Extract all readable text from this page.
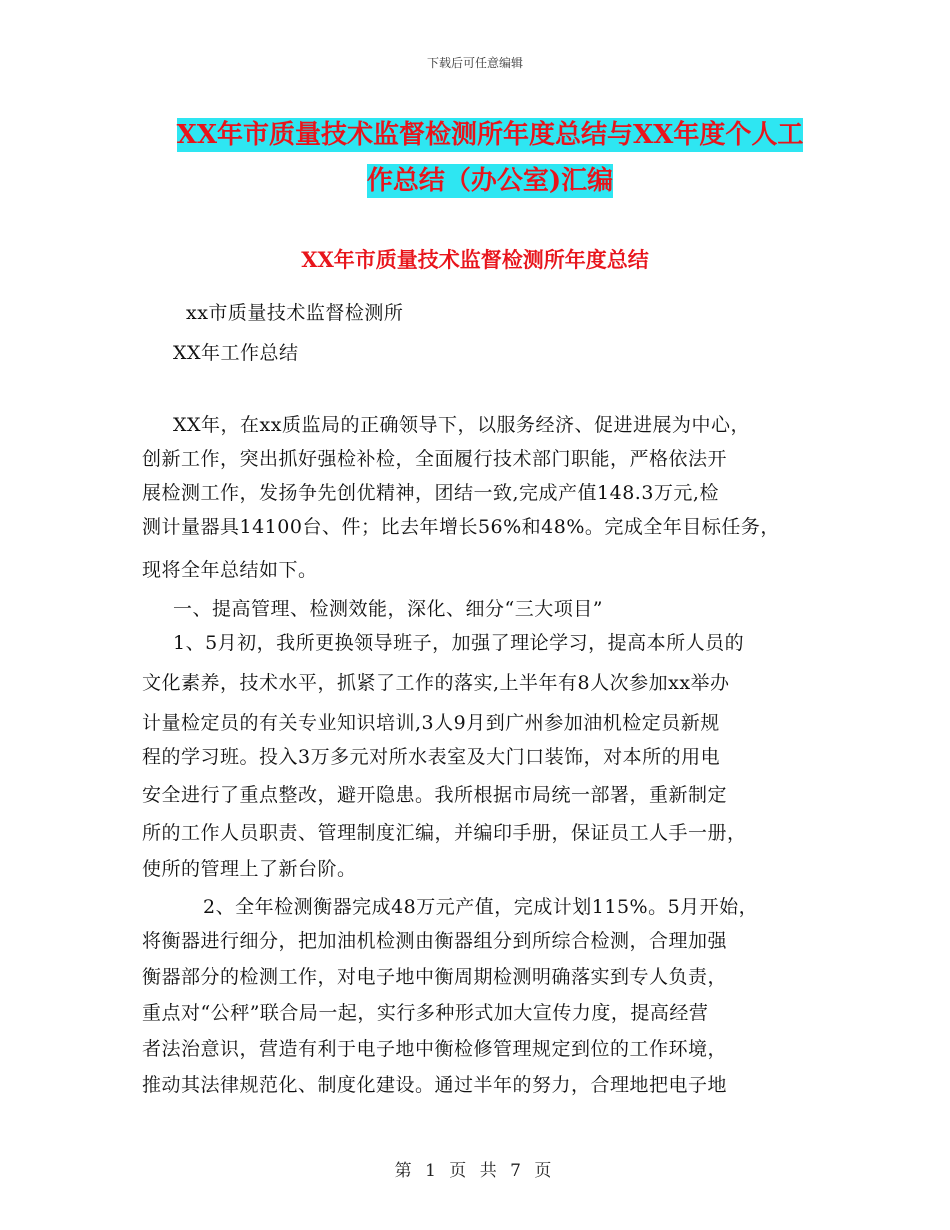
下载后可任意编辑
XX年市质量技术监督检测所年度总结与XX年度个人工
作总结（办公室)汇编
XX年市质量技术监督检测所年度总结
xx市质量技术监督检测所
XX年工作总结
XX年，在xx质监局的正确领导下，以服务经济、促进进展为中心，
创新工作，突出抓好强检补检，全面履行技术部门职能，严格依法开
展检测工作，发扬争先创优精神，团结一致,完成产值148.3万元,检
测计量器具14100台、件；比去年增长56%和48%。完成全年目标任务，
现将全年总结如下。
一、提高管理、检测效能，深化、细分“三大项目”
1、5月初，我所更换领导班子，加强了理论学习，提高本所人员的
文化素养，技术水平，抓紧了工作的落实,上半年有8人次参加xx举办
计量检定员的有关专业知识培训,3人9月到广州参加油机检定员新规
程的学习班。投入3万多元对所水表室及大门口装饰，对本所的用电
安全进行了重点整改，避开隐患。我所根据市局统一部署，重新制定
所的工作人员职责、管理制度汇编，并编印手册，保证员工人手一册，
使所的管理上了新台阶。
2、全年检测衡器完成48万元产值，完成计划115%。5月开始，
将衡器进行细分，把加油机检测由衡器组分到所综合检测，合理加强
衡器部分的检测工作，对电子地中衡周期检测明确落实到专人负责，
重点对“公秤”联合局一起，实行多种形式加大宣传力度，提高经营
者法治意识，营造有利于电子地中衡检修管理规定到位的工作环境，
推动其法律规范化、制度化建设。通过半年的努力，合理地把电子地
第 1 页 共 7 页
